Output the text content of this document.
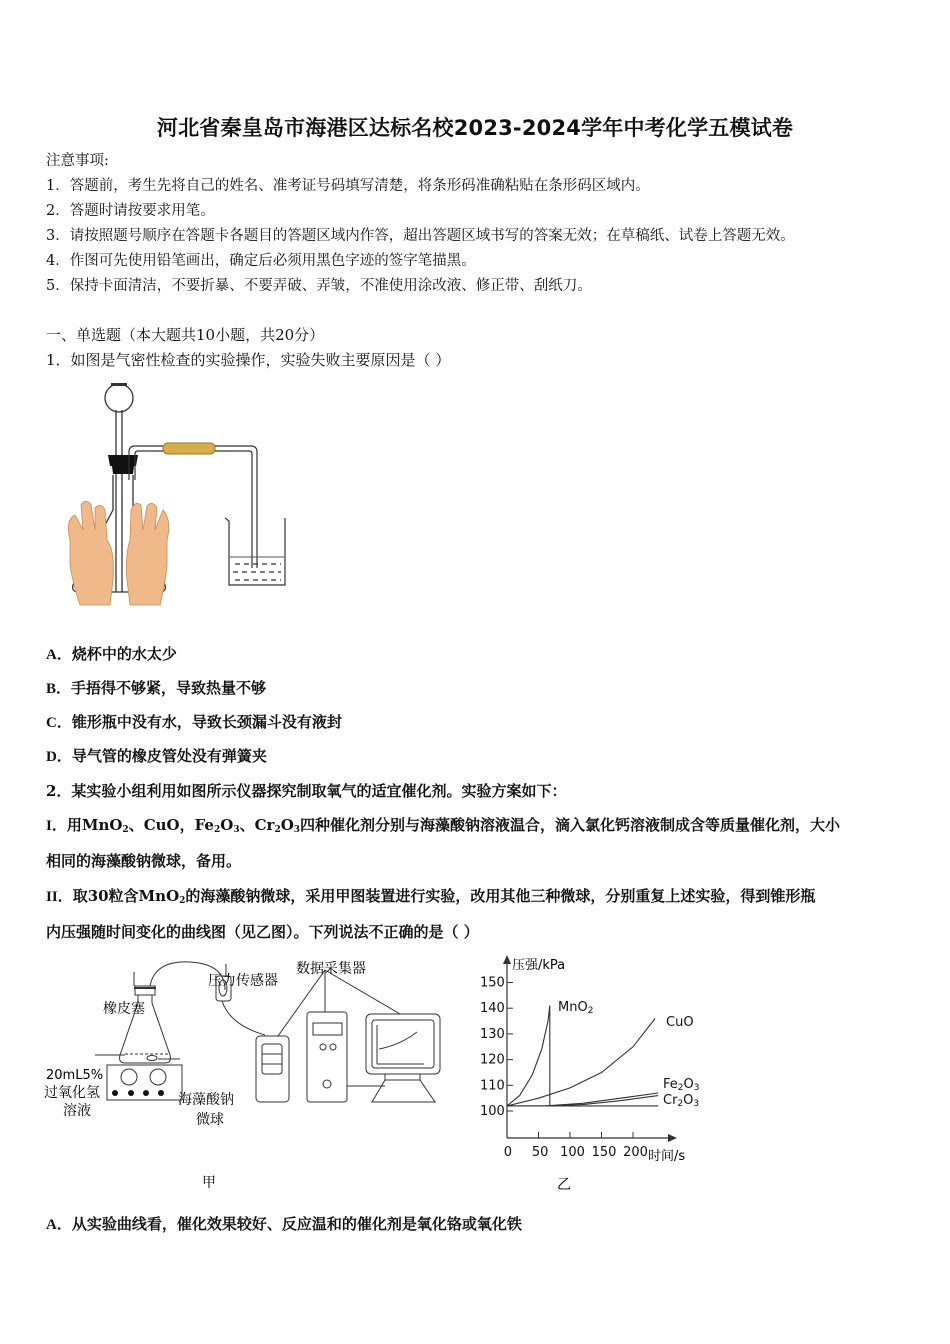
河北省秦皇岛市海港区达标名校2023-2024学年中考化学五模试卷
注意事项:
1．答题前，考生先将自己的姓名、准考证号码填写清楚，将条形码准确粘贴在条形码区域内。
2．答题时请按要求用笔。
3．请按照题号顺序在答题卡各题目的答题区域内作答，超出答题区域书写的答案无效；在草稿纸、试卷上答题无效。
4．作图可先使用铅笔画出，确定后必须用黑色字迹的签字笔描黑。
5．保持卡面清洁，不要折暴、不要弄破、弄皱，不准使用涂改液、修正带、刮纸刀。
一、单选题（本大题共10小题，共20分）
1．如图是气密性检查的实验操作，实验失败主要原因是（ ）
A．烧杯中的水太少
B．手捂得不够紧，导致热量不够
C．锥形瓶中没有水，导致长颈漏斗没有液封
D．导气管的橡皮管处没有弹簧夹
2．某实验小组利用如图所示仪器探究制取氧气的适宜催化剂。实验方案如下：
I．用MnO$_2$、CuO，$Fe_2O_3$、$Cr_2O_3$四种催化剂分别与海藻酸钠溶液温合，滴入氯化钙溶液制成含等质量催化剂，大小
相同的海藻酸钠微球，备用。
II．取30粒含MnO$_2$的海藻酸钠微球，采用甲图装置进行实验，改用其他三种微球，分别重复上述实验，得到锥形瓶
内压强随时间变化的曲线图（见乙图）。下列说法不正确的是（ ）
橡皮塞
压力传感器
数据采集器
20mL5%
过氧化氢
溶液
海藻酸钠
微球
甲
100
110
120
130
140
150
0 50 100 150 200
MnO2
CuO
Fe2O3
Cr2O3
压强/kPa
时间/s
乙
A．从实验曲线看，催化效果较好、反应温和的催化剂是氧化铬或氧化铁
